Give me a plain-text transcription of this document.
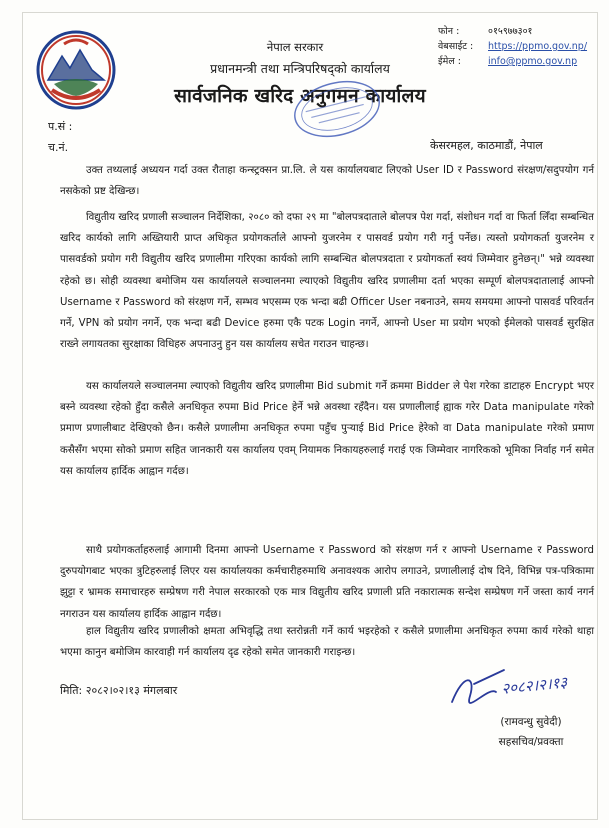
नेपाल सरकार
प्रधानमन्त्री तथा मन्त्रिपरिषद्को कार्यालय
सार्वजनिक खरिद अनुगमन कार्यालय
फोन :	०१५९७७३०१
वेबसाईट : https://ppmo.gov.np/
ईमेल :	info@ppmo.gov.np
प.सं :
च.नं.	केसरमहल, काठमाडौं, नेपाल

उक्त तथ्यलाई अध्ययन गर्दा उक्त रौताहा कन्स्ट्रक्सन प्रा.लि. ले यस कार्यालयबाट लिएको User ID र Password संरक्षण/सदुपयोग गर्न नसकेको प्रष्ट देखिन्छ।

विद्युतीय खरिद प्रणाली सञ्चालन निर्देशिका, २०८० को दफा २९ मा "बोलपत्रदाताले बोलपत्र पेश गर्दा, संशोधन गर्दा वा फिर्ता लिँदा सम्बन्धित खरिद कार्यको लागि अख्तियारी प्राप्त अधिकृत प्रयोगकर्ताले आफ्नो युजरनेम र पासवर्ड प्रयोग गरी गर्नु पर्नेछ। त्यस्तो प्रयोगकर्ता युजरनेम र पासवर्डको प्रयोग गरी विद्युतीय खरिद प्रणालीमा गरिएका कार्यको लागि सम्बन्धित बोलपत्रदाता र प्रयोगकर्ता स्वयं जिम्मेवार हुनेछन्।" भन्ने व्यवस्था रहेको छ। सोही व्यवस्था बमोजिम यस कार्यालयले सञ्चालनमा ल्याएको विद्युतीय खरिद प्रणालीमा दर्ता भएका सम्पूर्ण बोलपत्रदातालाई आफ्नो Username र Password को संरक्षण गर्ने, सम्भव भएसम्म एक भन्दा बढी Officer User नबनाउने, समय समयमा आफ्नो पासवर्ड परिवर्तन गर्ने, VPN को प्रयोग नगर्ने, एक भन्दा बढी Device हरुमा एकै पटक Login नगर्ने, आफ्नो User मा प्रयोग भएको ईमेलको पासवर्ड सुरक्षित राख्ने लगायतका सुरक्षाका विधिहरु अपनाउनु हुन यस कार्यालय सचेत गराउन चाहन्छ।

यस कार्यालयले सञ्चालनमा ल्याएको विद्युतीय खरिद प्रणालीमा Bid submit गर्ने क्रममा Bidder ले पेश गरेका डाटाहरु Encrypt भएर बस्ने व्यवस्था रहेको हुँदा कसैले अनधिकृत रुपमा Bid Price हेर्ने भन्ने अवस्था रहँदैन। यस प्रणालीलाई ह्याक गरेर Data manipulate गरेको प्रमाण प्रणालीबाट देखिएको छैन। कसैले प्रणालीमा अनधिकृत रुपमा पहुँच पुऱ्याई Bid Price हेरेको वा Data manipulate गरेको प्रमाण कसैसँग भएमा सोको प्रमाण सहित जानकारी यस कार्यालय एवम् नियामक निकायहरुलाई गराई एक जिम्मेवार नागरिकको भूमिका निर्वाह गर्न समेत यस कार्यालय हार्दिक आह्वान गर्दछ।

साथै प्रयोगकर्ताहरुलाई आगामी दिनमा आफ्नो Username र Password को संरक्षण गर्न र आफ्नो Username र Password दुरुपयोगबाट भएका त्रुटिहरुलाई लिएर यस कार्यालयका कर्मचारीहरुमाथि अनावश्यक आरोप लगाउने, प्रणालीलाई दोष दिने, विभिन्न पत्र-पत्रिकामा झुट्टा र भ्रामक समाचारहरु सम्प्रेषण गरी नेपाल सरकारको एक मात्र विद्युतीय खरिद प्रणाली प्रति नकारात्मक सन्देश सम्प्रेषण गर्ने जस्ता कार्य नगर्न नगराउन यस कार्यालय हार्दिक आह्वान गर्दछ।

हाल विद्युतीय खरिद प्रणालीको क्षमता अभिवृद्धि तथा स्तरोन्नती गर्ने कार्य भइरहेको र कसैले प्रणालीमा अनधिकृत रुपमा कार्य गरेको थाहा भएमा कानुन बमोजिम कारवाही गर्न कार्यालय दृढ रहेको समेत जानकारी गराइन्छ।

मिति: २०८२।०२।१३ मंगलबार	२०८२।२।१३
(रामवन्धु सुवेदी)
सहसचिव/प्रवक्ता
